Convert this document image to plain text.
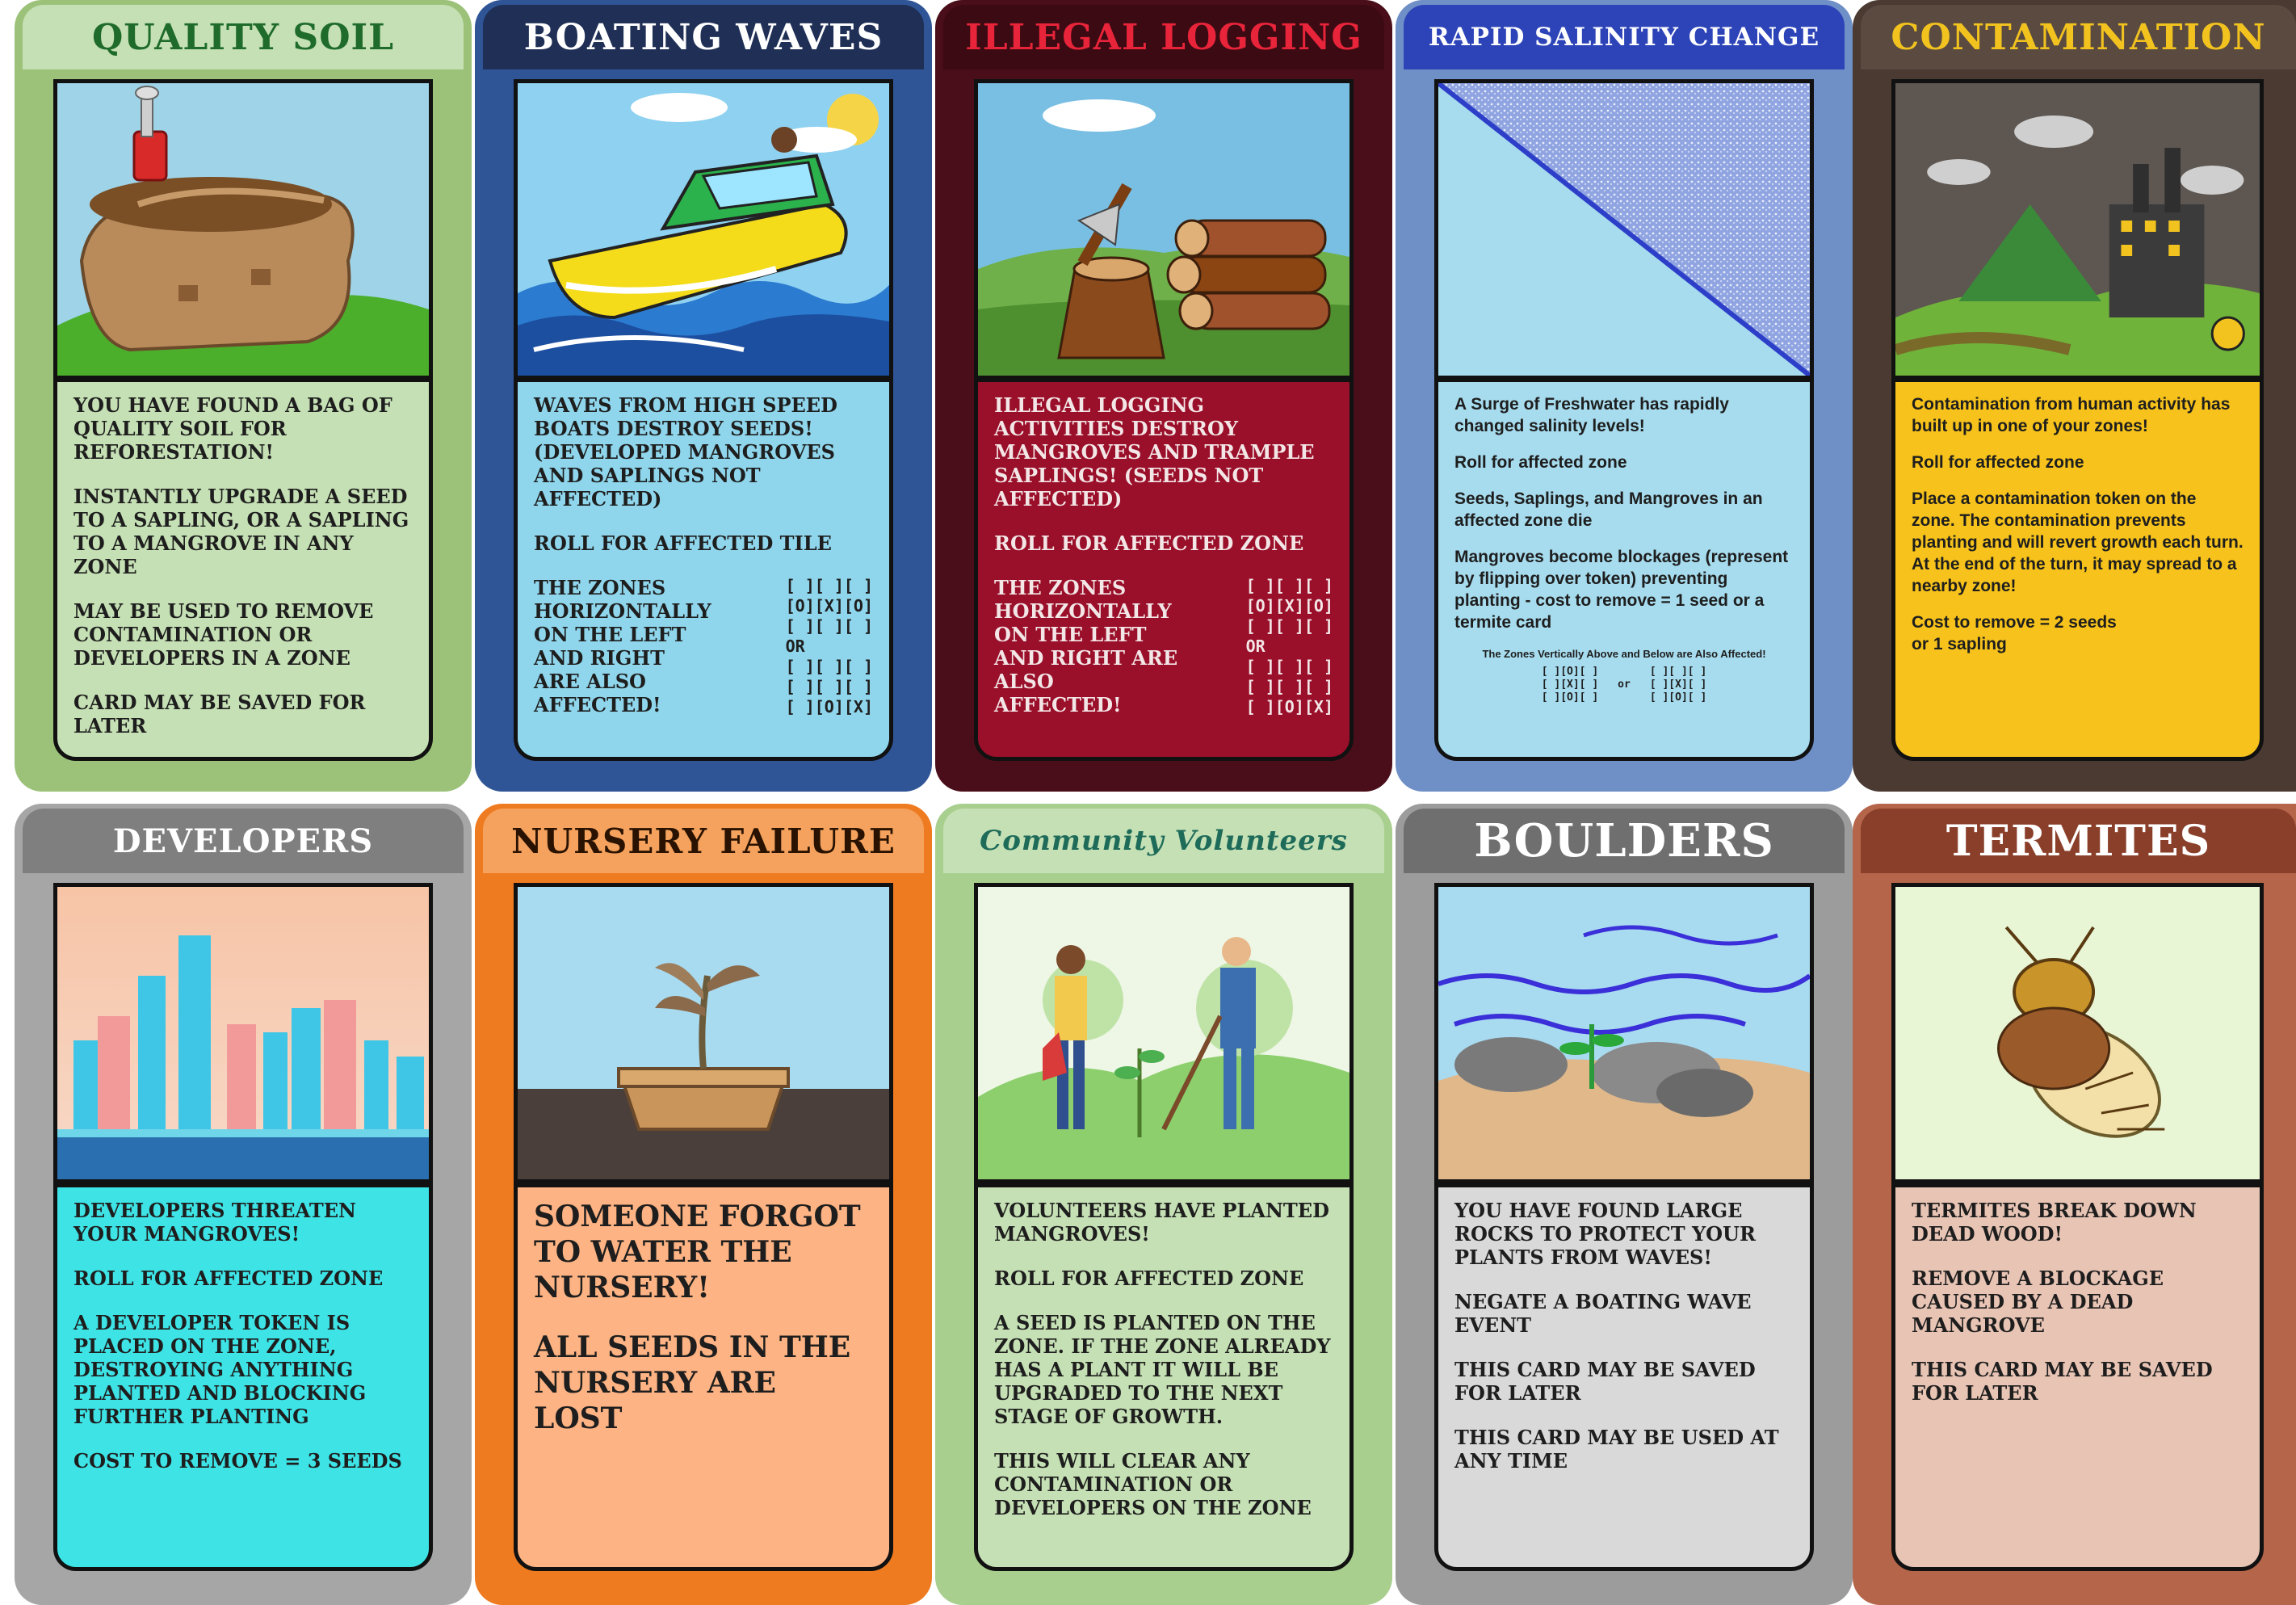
QUALITY SOIL

YOU HAVE FOUND A BAG OF QUALITY SOIL FOR REFORESTATION!

INSTANTLY UPGRADE A SEED TO A SAPLING, OR A SAPLING TO A MANGROVE IN ANY ZONE

MAY BE USED TO REMOVE CONTAMINATION OR DEVELOPERS IN A ZONE

CARD MAY BE SAVED FOR LATER

BOATING WAVES

WAVES FROM HIGH SPEED BOATS DESTROY SEEDS! (DEVELOPED MANGROVES AND SAPLINGS NOT AFFECTED)

ROLL FOR AFFECTED TILE

THE ZONES HORIZONTALLY ON THE LEFT AND RIGHT ARE ALSO AFFECTED!

[ ][ ][ ]
[O][X][O]
[ ][ ][ ]
OR
[ ][ ][ ]
[ ][ ][ ]
[ ][O][X]
ILLEGAL LOGGING

ILLEGAL LOGGING ACTIVITIES DESTROY MANGROVES AND TRAMPLE SAPLINGS! (SEEDS NOT AFFECTED)

ROLL FOR AFFECTED ZONE

THE ZONES HORIZONTALLY ON THE LEFT AND RIGHT ARE ALSO AFFECTED!

[ ][ ][ ]
[O][X][O]
[ ][ ][ ]
OR
[ ][ ][ ]
[ ][ ][ ]
[ ][O][X]
RAPID SALINITY CHANGE

A Surge of Freshwater has rapidly changed salinity levels!

Roll for affected zone

Seeds, Saplings, and Mangroves in an affected zone die

Mangroves become blockages (represent by flipping over token) preventing planting - cost to remove = 1 seed or a termite card

The Zones Vertically Above and Below are Also Affected!

[ ][O][ ]
[ ][X][ ]
[ ][O][ ]
or
[ ][ ][ ]
[ ][X][ ]
[ ][O][ ]
CONTAMINATION

Contamination from human activity has built up in one of your zones!

Roll for affected zone

Place a contamination token on the zone. The contamination prevents planting and will revert growth each turn. At the end of the turn, it may spread to a nearby zone!

Cost to remove = 2 seeds
or 1 sapling

DEVELOPERS

DEVELOPERS THREATEN YOUR MANGROVES!

ROLL FOR AFFECTED ZONE

A DEVELOPER TOKEN IS PLACED ON THE ZONE, DESTROYING ANYTHING PLANTED AND BLOCKING FURTHER PLANTING

COST TO REMOVE = 3 SEEDS

NURSERY FAILURE

SOMEONE FORGOT TO WATER THE NURSERY!

ALL SEEDS IN THE NURSERY ARE LOST

Community Volunteers

VOLUNTEERS HAVE PLANTED MANGROVES!

ROLL FOR AFFECTED ZONE

A SEED IS PLANTED ON THE ZONE. IF THE ZONE ALREADY HAS A PLANT IT WILL BE UPGRADED TO THE NEXT STAGE OF GROWTH.

THIS WILL CLEAR ANY CONTAMINATION OR DEVELOPERS ON THE ZONE

BOULDERS

YOU HAVE FOUND LARGE ROCKS TO PROTECT YOUR PLANTS FROM WAVES!

NEGATE A BOATING WAVE EVENT

THIS CARD MAY BE SAVED FOR LATER

THIS CARD MAY BE USED AT ANY TIME

TERMITES

TERMITES BREAK DOWN DEAD WOOD!

REMOVE A BLOCKAGE CAUSED BY A DEAD MANGROVE

THIS CARD MAY BE SAVED FOR LATER
